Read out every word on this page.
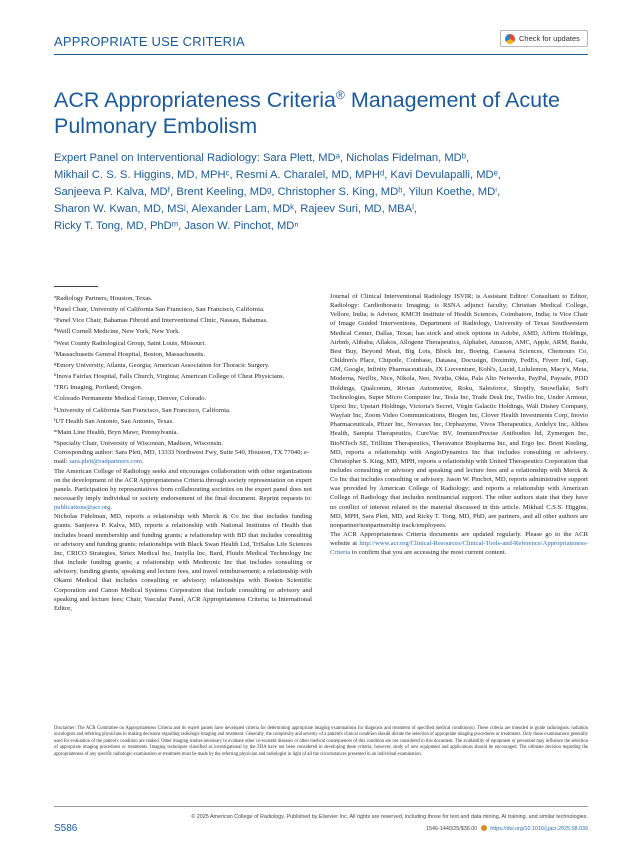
APPROPRIATE USE CRITERIA	Check for updates
ACR Appropriateness Criteria® Management of Acute Pulmonary Embolism
Expert Panel on Interventional Radiology: Sara Plett, MDᵃ, Nicholas Fidelman, MDᵇ,
Mikhail C. S. S. Higgins, MD, MPHᶜ, Resmi A. Charalel, MD, MPHᵈ, Kavi Devulapalli, MDᵉ,
Sanjeeva P. Kalva, MDᶠ, Brent Keeling, MDᵍ, Christopher S. King, MDʰ, Yilun Koethe, MDⁱ,
Sharon W. Kwan, MD, MSʲ, Alexander Lam, MDᵏ, Rajeev Suri, MD, MBAˡ,
Ricky T. Tong, MD, PhDᵐ, Jason W. Pinchot, MDⁿ

$^a$Radiology Partners, Houston, Texas.

$^b$Panel Chair, University of California San Francisco, San Francisco, California.

$^c$Panel Vice Chair, Bahamas Fibroid and Interventional Clinic, Nassau, Bahamas.

$^d$Weill Cornell Medicine, New York, New York.

$^e$West County Radiological Group, Saint Louis, Missouri.

$^f$Massachusetts General Hospital, Boston, Massachusetts.

$^g$Emory University, Atlanta, Georgia; American Association for Thoracic Surgery.

$^h$Inova Fairfax Hospital, Falls Church, Virginia; American College of Chest Physicians.

$^i$TRG Imaging, Portland, Oregon.

$^j$Colorado Permanente Medical Group, Denver, Colorado.

$^k$University of California San Francisco, San Francisco, California.

$^l$UT Health San Antonio, San Antonio, Texas.

$^m$Main Line Health, Bryn Mawr, Pennsylvania.

$^n$Specialty Chair, University of Wisconsin, Madison, Wisconsin.

Corresponding author: Sara Plett, MD, 13333 Northwest Fwy, Suite 540, Houston, TX 77040; e-mail: sara.plett@radpartners.com.

The American College of Radiology seeks and encourages collaboration with other organizations on the development of the ACR Appropriateness Criteria through society representation on expert panels. Participation by representatives from collaborating societies on the expert panel does not necessarily imply individual or society endorsement of the final document. Reprint requests to: publications@acr.org.

Nicholas Fidelman, MD, reports a relationship with Merck & Co Inc that includes funding grants. Sanjeeva P. Kalva, MD, reports a relationship with National Institutes of Health that includes board membership and funding grants; a relationship with BD that includes consulting or advisory and funding grants; relationships with Black Swan Health Ltd, TriSalus Life Sciences Inc, CRICO Strategies, Sirtex Medical Inc, Instylla Inc, Bard, Fluidx Medical Technology Inc that include funding grants; a relationship with Medtronic Inc that includes consulting or advisory, funding grants, speaking and lecture fees, and travel reimbursement; a relationship with Okami Medical that includes consulting or advisory; relationships with Boston Scientific Corporation and Canon Medical Systems Corporation that include consulting or advisory and speaking and lecture fees; Chair, Vascular Panel, ACR Appropriateness Criteria; is International Editor,

Journal of Clinical Interventional Radiology ISVIR; is Assistant Editor/ Consultant to Editor, Radiology: Cardiothoracic Imaging; is RSNA adjunct faculty; Christian Medical College, Vellore, India; is Advisor, KMCH Institute of Health Sciences, Coimbatore, India; is Vice Chair of Image Guided Interventions, Department of Radiology, University of Texas Southwestern Medical Center, Dallas, Texas; has stock and stock options in Adobe, AMD, Affirm Holdings, Airbnb, Alibaba, Allakos, Allogene Therapeutics, Alphabet, Amazon, AMC, Apple, ARM, Baidu, Best Buy, Beyond Meat, Big Lots, Block Inc, Boeing, Cassava Sciences, Chemours Co, Children's Place, Chipotle, Coinbase, Datasea, Docusign, Doximity, FedEx, Fiverr Intl, Gap, GM, Google, Infinity Pharmaceuticals, JX Luxventure, Kohl's, Lucid, Lululemon, Macy's, Meta, Moderna, Netflix, Nice, Nikola, Neo, Nvidia, Okta, Pala Alto Networks, PayPal, Paysafe, PDD Holdings, Qualcomm, Rivian Automotive, Roku, Salesforce, Shopify, Snowflake, SoFi Technologies, Super Micro Computer Inc, Tesla Inc, Trade Desk Inc, Twilio Inc, Under Armour, Upexi Inc, Upstart Holdings, Victoria's Secret, Virgin Galactic Holdings, Walt Disney Company, Wayfair Inc, Zoom Video Communications, Biogen Inc, Clover Health Investments Corp, Inovio Pharmaceuticals, Pfizer Inc, Novavax Inc, Orphazyme, Vivos Therapeutics, Ardelyx Inc, Althea Health, Sarepta Therapeutics, CureVac BV, ImmunoPrecise Antibodies ltd, Zymergen Inc, BioNTech SE, Trillium Therapeutics, Theravance Biopharma Inc, and Ergo Inc. Brent Keeling, MD, reports a relationship with AngioDynamics Inc that includes consulting or advisory. Christopher S. King, MD, MPH, reports a relationship with United Therapeutics Corporation that includes consulting or advisory and speaking and lecture fees and a relationship with Merck & Co Inc that includes consulting or advisory. Jason W. Pinchot, MD, reports administrative support was provided by American College of Radiology; and reports a relationship with American College of Radiology that includes nonfinancial support. The other authors state that they have no conflict of interest related to the material discussed in this article. Mikhail C.S.S. Higgins, MD, MPH, Sara Plett, MD, and Ricky T. Tong, MD, PhD, are partners, and all other authors are nonpartner/nonpartnership track/employees.

The ACR Appropriateness Criteria documents are updated regularly. Please go to the ACR website at http://www.acr.org/Clinical-Resources/Clinical-Tools-and-Reference/Appropriateness-Criteria to confirm that you are accessing the most current content.

Disclaimer: The ACR Committee on Appropriateness Criteria and its expert panels have developed criteria for determining appropriate imaging examinations for diagnosis and treatment of specified medical condition(s). These criteria are intended to guide radiologists, radiation oncologists and referring physicians in making decisions regarding radiologic imaging and treatment. Generally, the complexity and severity of a patient's clinical condition should dictate the selection of appropriate imaging procedures or treatments. Only those examinations generally used for evaluation of the patient's condition are ranked. Other imaging studies necessary to evaluate other co-existent diseases or other medical consequences of this condition are not considered in this document. The availability of equipment or personnel may influence the selection of appropriate imaging procedures or treatments. Imaging techniques classified as investigational by the FDA have not been considered in developing these criteria; however, study of new equipment and applications should be encouraged. The ultimate decision regarding the appropriateness of any specific radiologic examination or treatment must be made by the referring physician and radiologist in light of all the circumstances presented in an individual examination.
S586
© 2025 American College of Radiology. Published by Elsevier Inc. All rights are reserved, including those for text and data mining, AI training, and similar technologies.
1546-1440/25/$36.00 https://doi.org/10.1016/j.jacr.2025.08.039
